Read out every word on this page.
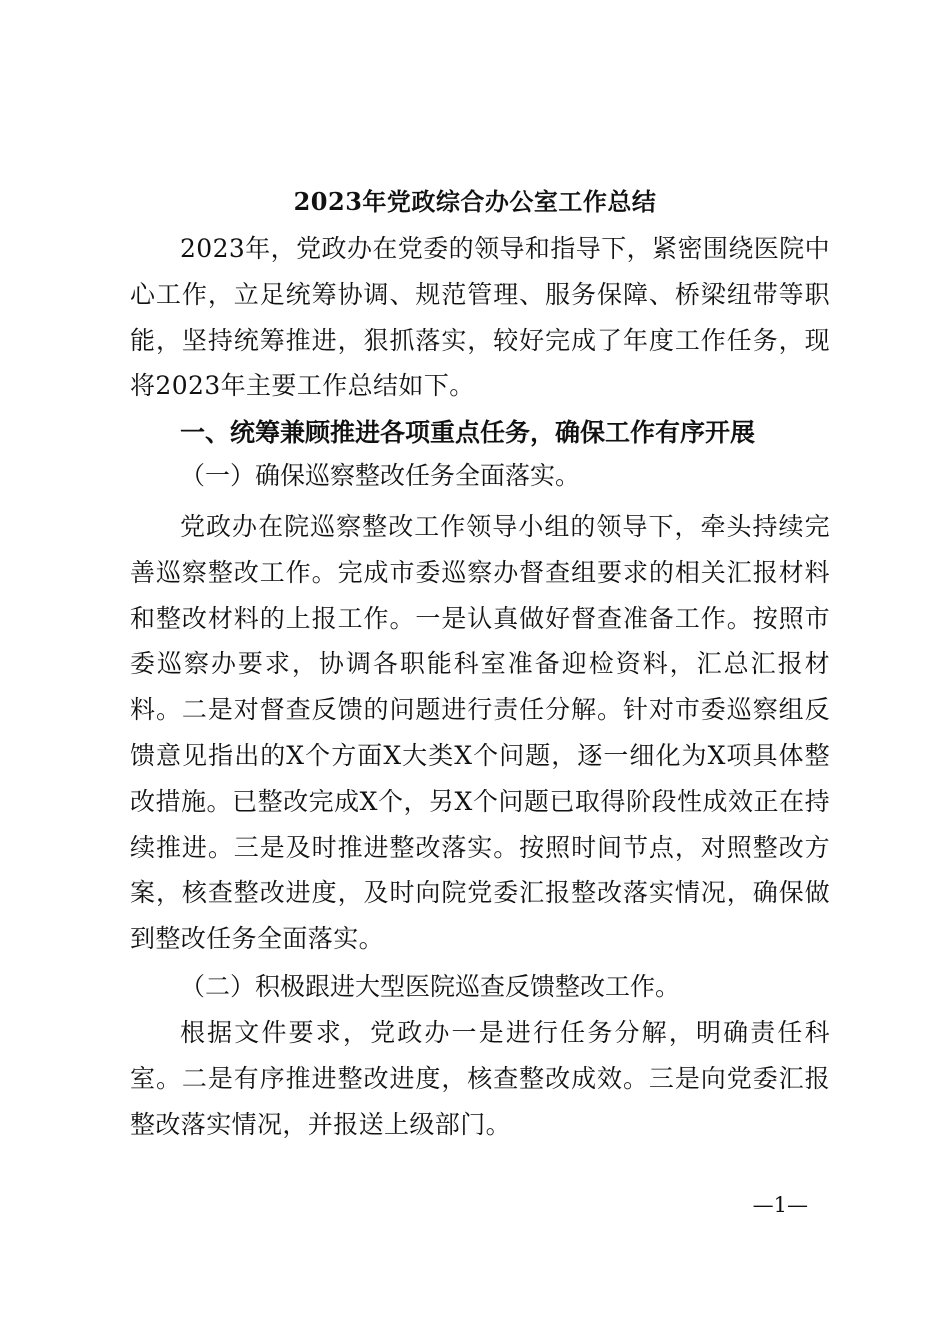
2023年党政综合办公室工作总结
2023年，党政办在党委的领导和指导下，紧密围绕医院中心工作，立足统筹协调、规范管理、服务保障、桥梁纽带等职能，坚持统筹推进，狠抓落实，较好完成了年度工作任务，现将2023年主要工作总结如下。
一、统筹兼顾推进各项重点任务，确保工作有序开展
（一）确保巡察整改任务全面落实。
党政办在院巡察整改工作领导小组的领导下，牵头持续完善巡察整改工作。完成市委巡察办督查组要求的相关汇报材料和整改材料的上报工作。一是认真做好督查准备工作。按照市委巡察办要求，协调各职能科室准备迎检资料，汇总汇报材料。二是对督查反馈的问题进行责任分解。针对市委巡察组反馈意见指出的X个方面X大类X个问题，逐一细化为X项具体整改措施。已整改完成X个，另X个问题已取得阶段性成效正在持续推进。三是及时推进整改落实。按照时间节点，对照整改方案，核查整改进度，及时向院党委汇报整改落实情况，确保做到整改任务全面落实。
（二）积极跟进大型医院巡查反馈整改工作。
根据文件要求，党政办一是进行任务分解，明确责任科室。二是有序推进整改进度，核查整改成效。三是向党委汇报整改落实情况，并报送上级部门。
—1—
